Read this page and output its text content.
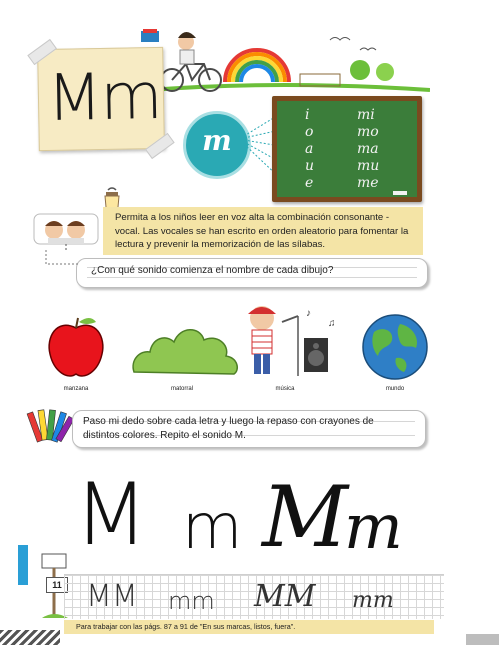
Mm
m
i	mi
o	mo
a	ma
u	mu
e	me
Permita a los niños leer en voz alta la combinación consonante - vocal. Las vocales se han escrito en orden aleatorio para fomentar la lectura y prevenir la memorización de las sílabas.
¿Con qué sonido comienza el nombre de cada dibujo?
manzana	matorral
♪
♫
música	mundo
Paso mi dedo sobre cada letra y luego la repaso con crayones de distintos colores. Repito el sonido M.
M m M
m
11 MM mm MM mm
Para trabajar con las págs. 87 a 91 de "En sus marcas, listos, fuera".
